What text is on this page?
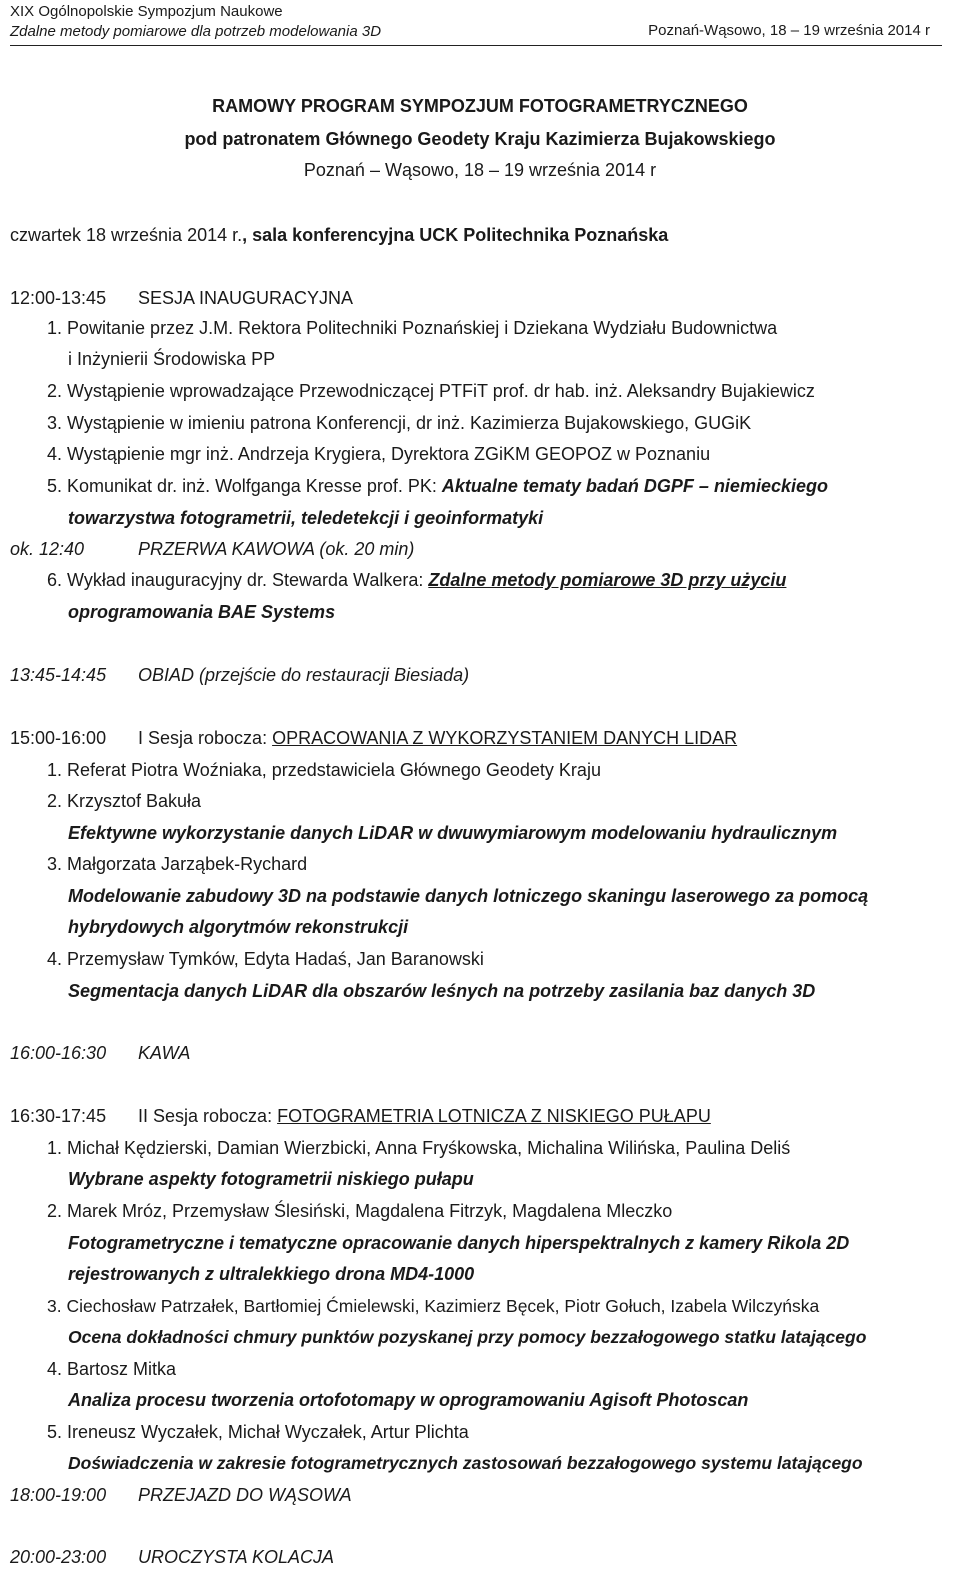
XIX Ogólnopolskie Sympozjum Naukowe
Zdalne metody pomiarowe dla potrzeb modelowania 3D	Poznań-Wąsowo, 18 – 19 września 2014 r
RAMOWY PROGRAM SYMPOZJUM FOTOGRAMETRYCZNEGO
pod patronatem Głównego Geodety Kraju Kazimierza Bujakowskiego
Poznań – Wąsowo, 18 – 19 września 2014 r
czwartek 18 września 2014 r., sala konferencyjna UCK Politechnika Poznańska
12:00-13:45 SESJA INAUGURACYJNA
1. Powitanie przez J.M. Rektora Politechniki Poznańskiej i Dziekana Wydziału Budownictwa
i Inżynierii Środowiska PP
2. Wystąpienie wprowadzające Przewodniczącej PTFiT prof. dr hab. inż. Aleksandry Bujakiewicz
3. Wystąpienie w imieniu patrona Konferencji, dr inż. Kazimierza Bujakowskiego, GUGiK
4. Wystąpienie mgr inż. Andrzeja Krygiera, Dyrektora ZGiKM GEOPOZ w Poznaniu
5. Komunikat dr. inż. Wolfganga Kresse prof. PK: Aktualne tematy badań DGPF – niemieckiego
towarzystwa fotogrametrii, teledetekcji i geoinformatyki
ok. 12:40	PRZERWA KAWOWA (ok. 20 min)
6. Wykład inauguracyjny dr. Stewarda Walkera: Zdalne metody pomiarowe 3D przy użyciu
oprogramowania BAE Systems
13:45-14:45 OBIAD (przejście do restauracji Biesiada)
15:00-16:00 I Sesja robocza: OPRACOWANIA Z WYKORZYSTANIEM DANYCH LIDAR
1. Referat Piotra Woźniaka, przedstawiciela Głównego Geodety Kraju
2. Krzysztof Bakuła
Efektywne wykorzystanie danych LiDAR w dwuwymiarowym modelowaniu hydraulicznym
3. Małgorzata Jarząbek-Rychard
Modelowanie zabudowy 3D na podstawie danych lotniczego skaningu laserowego za pomocą
hybrydowych algorytmów rekonstrukcji
4. Przemysław Tymków, Edyta Hadaś, Jan Baranowski
Segmentacja danych LiDAR dla obszarów leśnych na potrzeby zasilania baz danych 3D
16:00-16:30 KAWA
16:30-17:45 II Sesja robocza: FOTOGRAMETRIA LOTNICZA Z NISKIEGO PUŁAPU
1. Michał Kędzierski, Damian Wierzbicki, Anna Fryśkowska, Michalina Wilińska, Paulina Deliś
Wybrane aspekty fotogrametrii niskiego pułapu
2. Marek Mróz, Przemysław Ślesiński, Magdalena Fitrzyk, Magdalena Mleczko
Fotogrametryczne i tematyczne opracowanie danych hiperspektralnych z kamery Rikola 2D
rejestrowanych z ultralekkiego drona MD4-1000
3. Ciechosław Patrzałek, Bartłomiej Ćmielewski, Kazimierz Bęcek, Piotr Gołuch, Izabela Wilczyńska
Ocena dokładności chmury punktów pozyskanej przy pomocy bezzałogowego statku latającego
4. Bartosz Mitka
Analiza procesu tworzenia ortofotomapy w oprogramowaniu Agisoft Photoscan
5. Ireneusz Wyczałek, Michał Wyczałek, Artur Plichta
Doświadczenia w zakresie fotogrametrycznych zastosowań bezzałogowego systemu latającego
18:00-19:00 PRZEJAZD DO WĄSOWA
20:00-23:00 UROCZYSTA KOLACJA
